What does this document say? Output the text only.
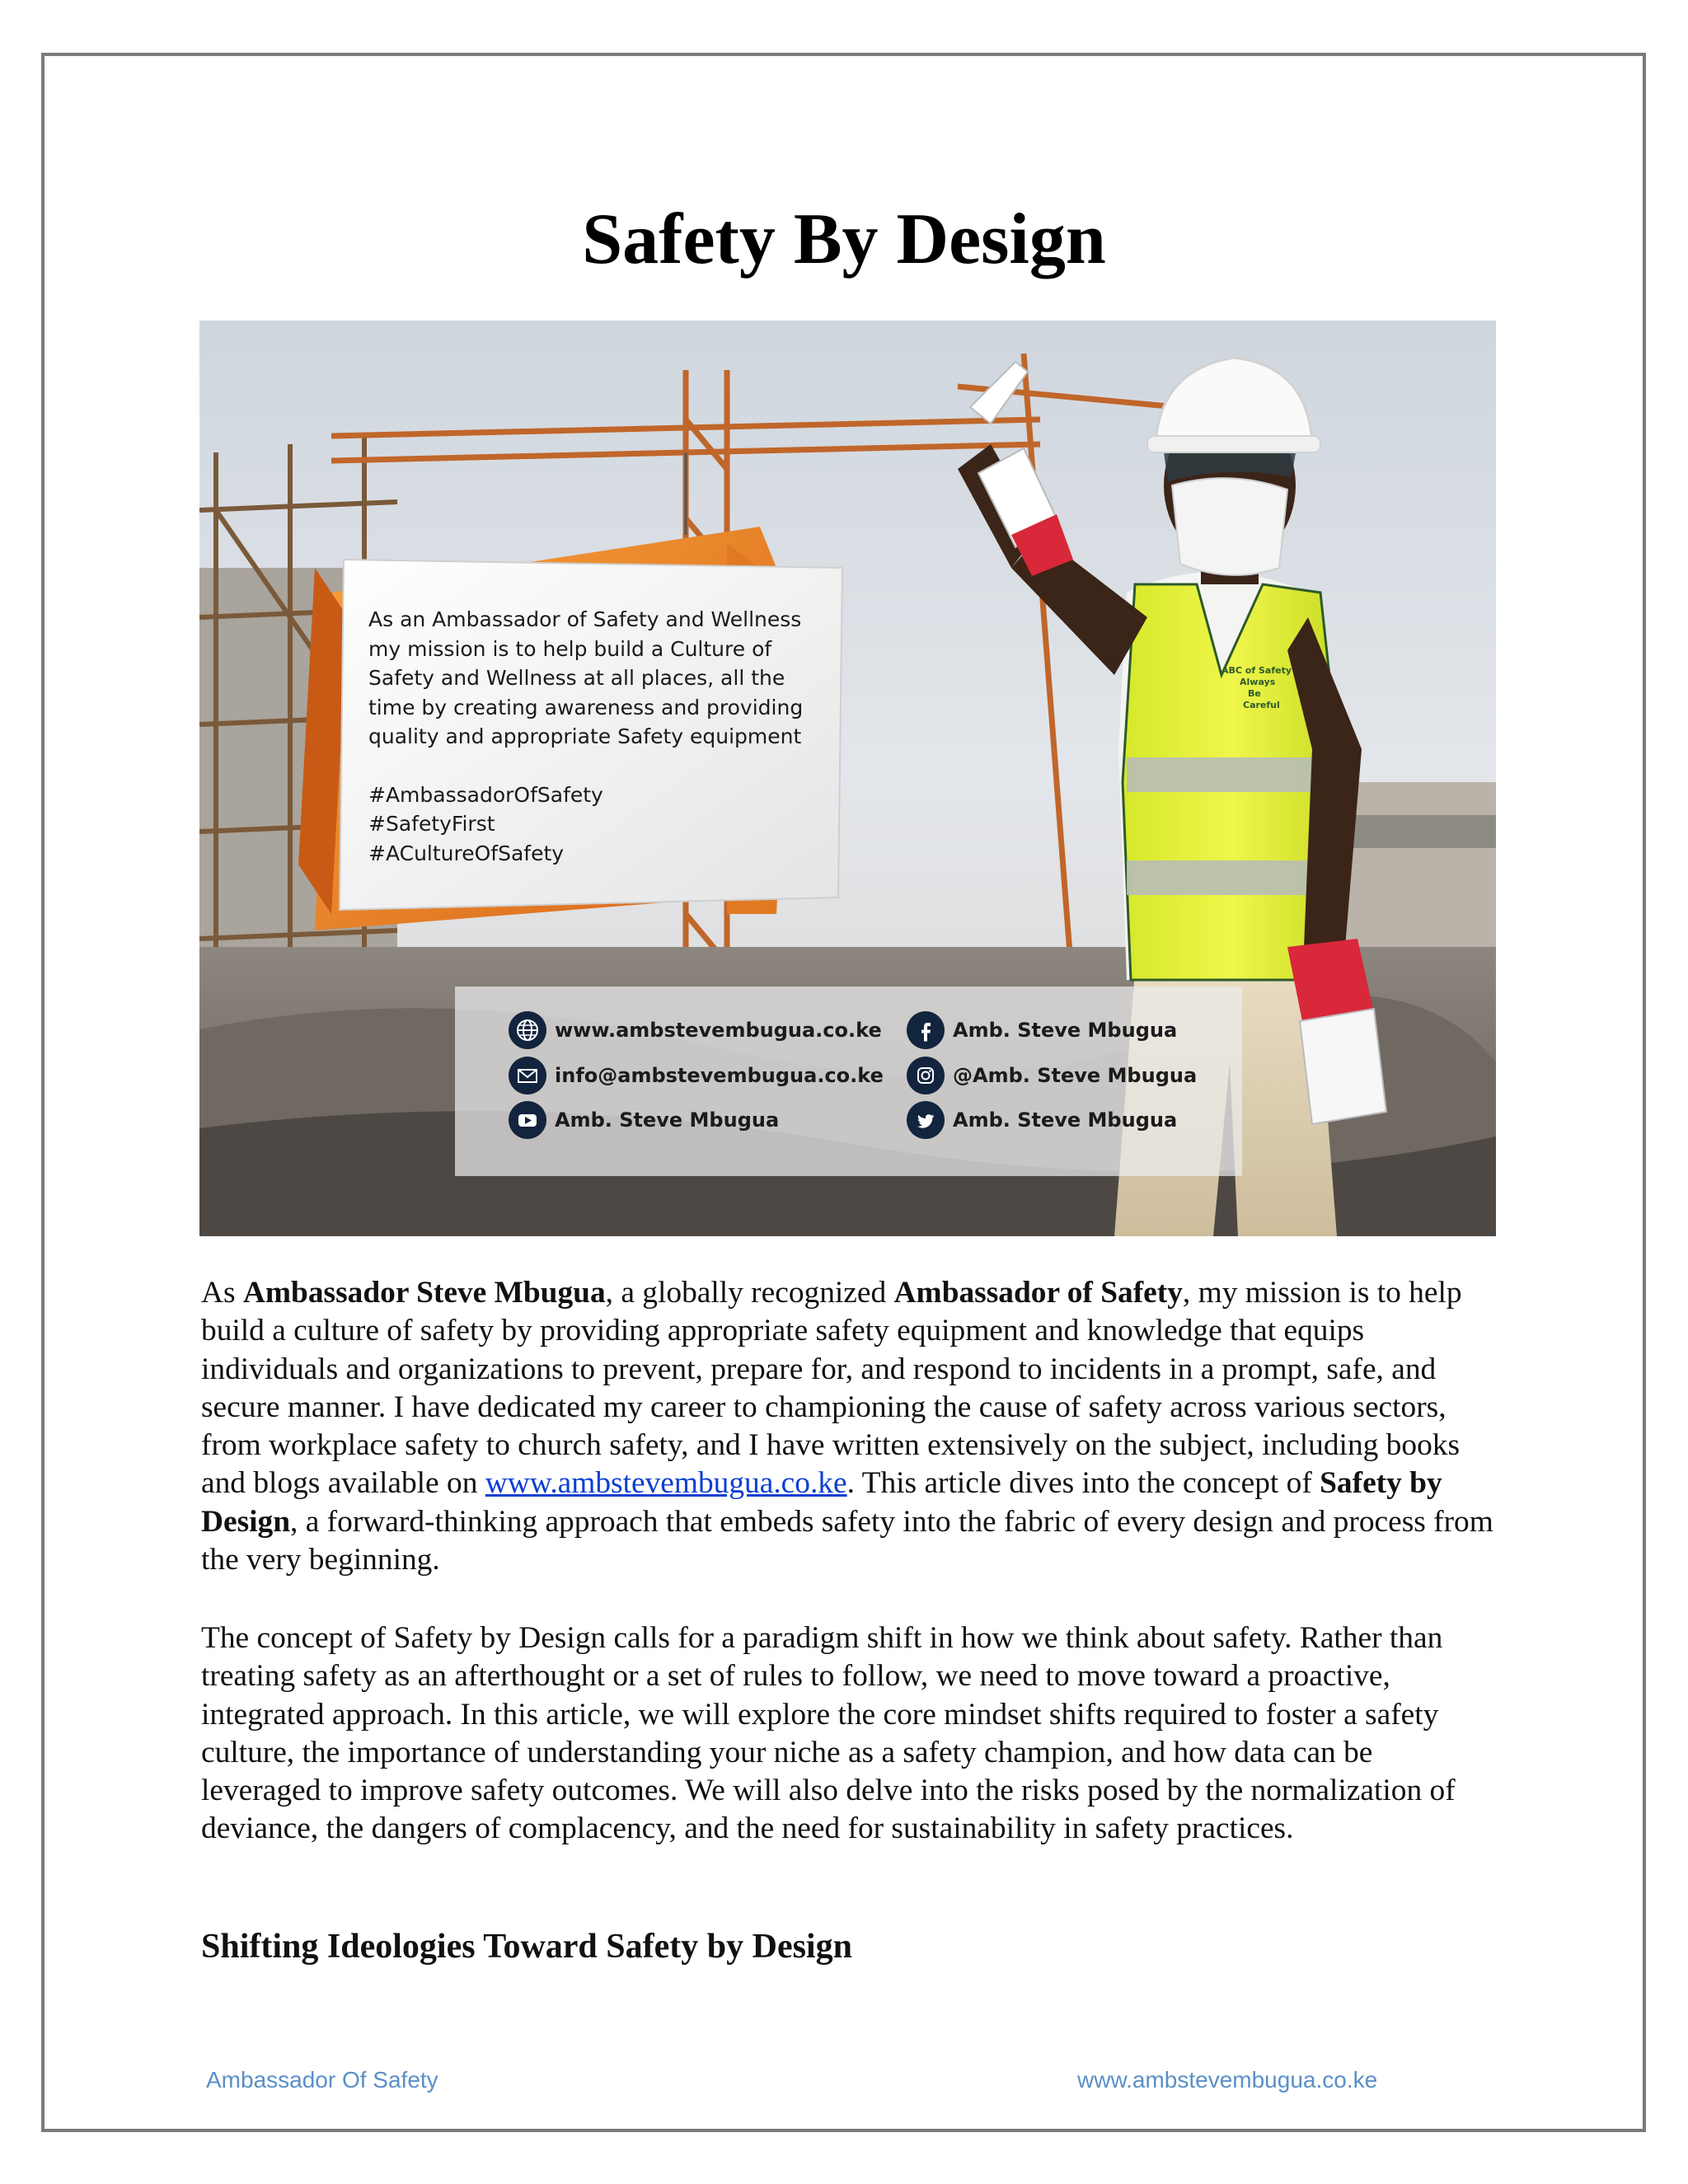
Safety By Design
ABC of Safety Always Be Careful

As an Ambassador of Safety and Wellness

my mission is to help build a Culture of

Safety and Wellness at all places, all the

time by creating awareness and providing

quality and appropriate Safety equipment

#AmbassadorOfSafety

#SafetyFirst

#ACultureOfSafety

www.ambstevembugua.co.ke
info@ambstevembugua.co.ke
Amb. Steve Mbugua
Amb. Steve Mbugua
@Amb. Steve Mbugua
Amb. Steve Mbugua

As Ambassador Steve Mbugua, a globally recognized Ambassador of Safety, my mission is to help build a culture of safety by providing appropriate safety equipment and knowledge that equips individuals and organizations to prevent, prepare for, and respond to incidents in a prompt, safe, and secure manner. I have dedicated my career to championing the cause of safety across various sectors, from workplace safety to church safety, and I have written extensively on the subject, including books and blogs available on www.ambstevembugua.co.ke. This article dives into the concept of Safety by Design, a forward-thinking approach that embeds safety into the fabric of every design and process from the very beginning.

The concept of Safety by Design calls for a paradigm shift in how we think about safety. Rather than treating safety as an afterthought or a set of rules to follow, we need to move toward a proactive, integrated approach. In this article, we will explore the core mindset shifts required to foster a safety culture, the importance of understanding your niche as a safety champion, and how data can be leveraged to improve safety outcomes. We will also delve into the risks posed by the normalization of deviance, the dangers of complacency, and the need for sustainability in safety practices.

Shifting Ideologies Toward Safety by Design
Ambassador Of Safety	www.ambstevembugua.co.ke
